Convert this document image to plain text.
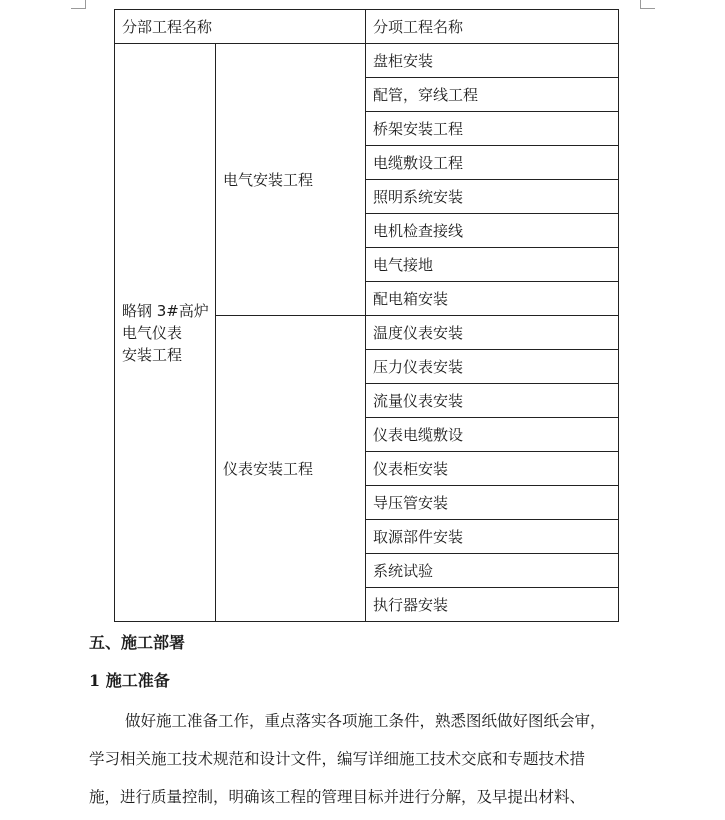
分部工程名称		分项工程名称

略钢 3#高炉
电气仪表
安装工程	电气安装工程	盘柜安装
		配管，穿线工程
		桥架安装工程
		电缆敷设工程
		照明系统安装
		电机检查接线
		电气接地
		配电箱安装
	仪表安装工程	温度仪表安装
		压力仪表安装
		流量仪表安装
		仪表电缆敷设
		仪表柜安装
		导压管安装
		取源部件安装
		系统试验
		执行器安装
五、施工部署
1 施工准备
做好施工准备工作，重点落实各项施工条件，熟悉图纸做好图纸会审，
学习相关施工技术规范和设计文件，编写详细施工技术交底和专题技术措
施，进行质量控制，明确该工程的管理目标并进行分解，及早提出材料、
